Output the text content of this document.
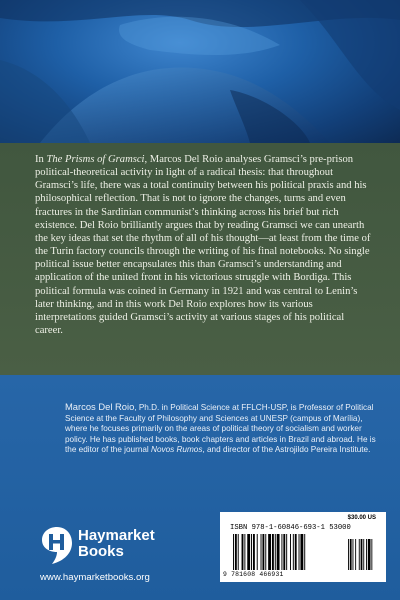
In The Prisms of Gramsci, Marcos Del Roio analyses Gramsci’s pre-prison political-theoretical activity in light of a radical thesis: that throughout Gramsci’s life, there was a total continuity between his political praxis and his philosophical reflection. That is not to ignore the changes, turns and even fractures in the Sardinian communist’s thinking across his brief but rich existence. Del Roio brilliantly argues that by reading Gramsci we can unearth the key ideas that set the rhythm of all of his thought—at least from the time of the Turin factory councils through the writing of his final notebooks. No single political issue better encapsulates this than Gramsci’s understanding and application of the united front in his victorious struggle with Bordiga. This political formula was coined in Germany in 1921 and was central to Lenin’s later thinking, and in this work Del Roio explores how its various interpretations guided Gramsci’s activity at various stages of his political career.

Marcos Del Roio, Ph.D. in Political Science at FFLCH-USP, is Professor of Political Science at the Faculty of Philosophy and Sciences at UNESP (campus of Marília), where he focuses primarily on the areas of political theory of socialism and worker policy. He has published books, book chapters and articles in Brazil and abroad. He is the editor of the journal Novos Rumos, and director of the Astrojildo Pereira Institute.

Haymarket
Books
www.haymarketbooks.org
$30.00 US
ISBN 978-1-60846-693-1 53000
9 781608 466931
